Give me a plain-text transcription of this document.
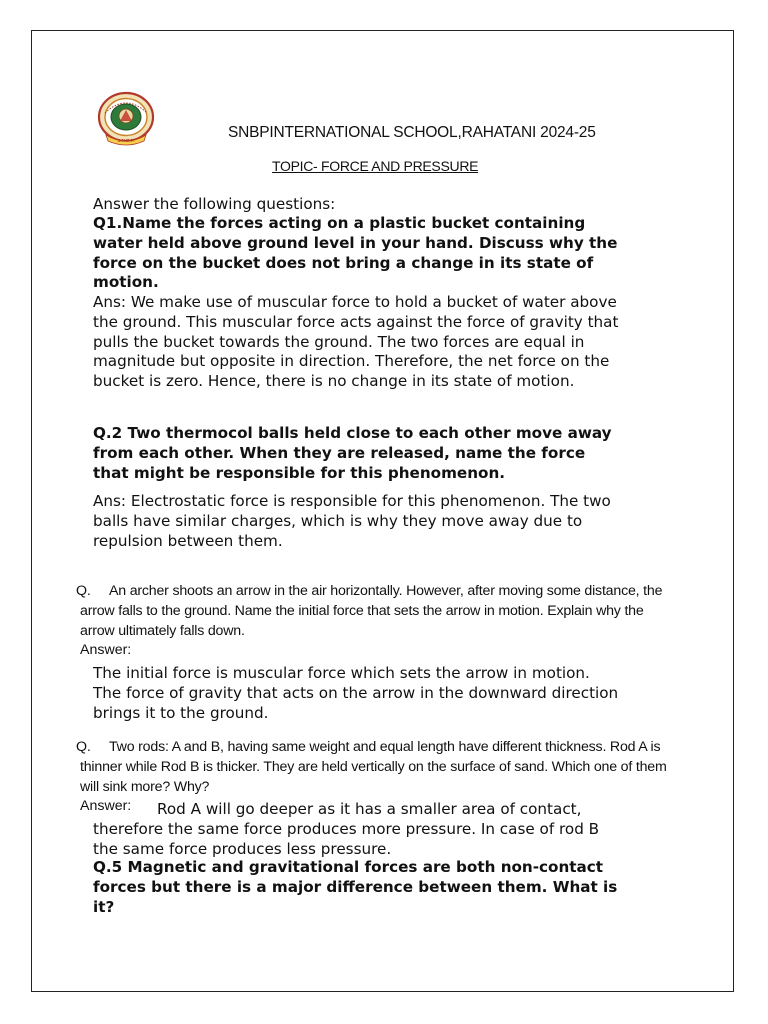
S.N.B.P.	SNBPINTERNATIONAL SCHOOL,RAHATANI 2024-25
TOPIC- FORCE AND PRESSURE
Answer the following questions:
Q1.Name the forces acting on a plastic bucket containing
water held above ground level in your hand. Discuss why the
force on the bucket does not bring a change in its state of
motion.
Ans: We make use of muscular force to hold a bucket of water above
the ground. This muscular force acts against the force of gravity that
pulls the bucket towards the ground. The two forces are equal in
magnitude but opposite in direction. Therefore, the net force on the
bucket is zero. Hence, there is no change in its state of motion.
Q.2 Two thermocol balls held close to each other move away
from each other. When they are released, name the force
that might be responsible for this phenomenon.
Ans: Electrostatic force is responsible for this phenomenon. The two
balls have similar charges, which is why they move away due to
repulsion between them.
Q. An archer shoots an arrow in the air horizontally. However, after moving some distance, the
arrow falls to the ground. Name the initial force that sets the arrow in motion. Explain why the
arrow ultimately falls down.
Answer:
The initial force is muscular force which sets the arrow in motion.
The force of gravity that acts on the arrow in the downward direction
brings it to the ground.
Q. Two rods: A and B, having same weight and equal length have different thickness. Rod A is
thinner while Rod B is thicker. They are held vertically on the surface of sand. Which one of them
will sink more? Why?
Answer:	Rod A will go deeper as it has a smaller area of contact,
therefore the same force produces more pressure. In case of rod B
the same force produces less pressure.
Q.5 Magnetic and gravitational forces are both non-contact
forces but there is a major difference between them. What is
it?
